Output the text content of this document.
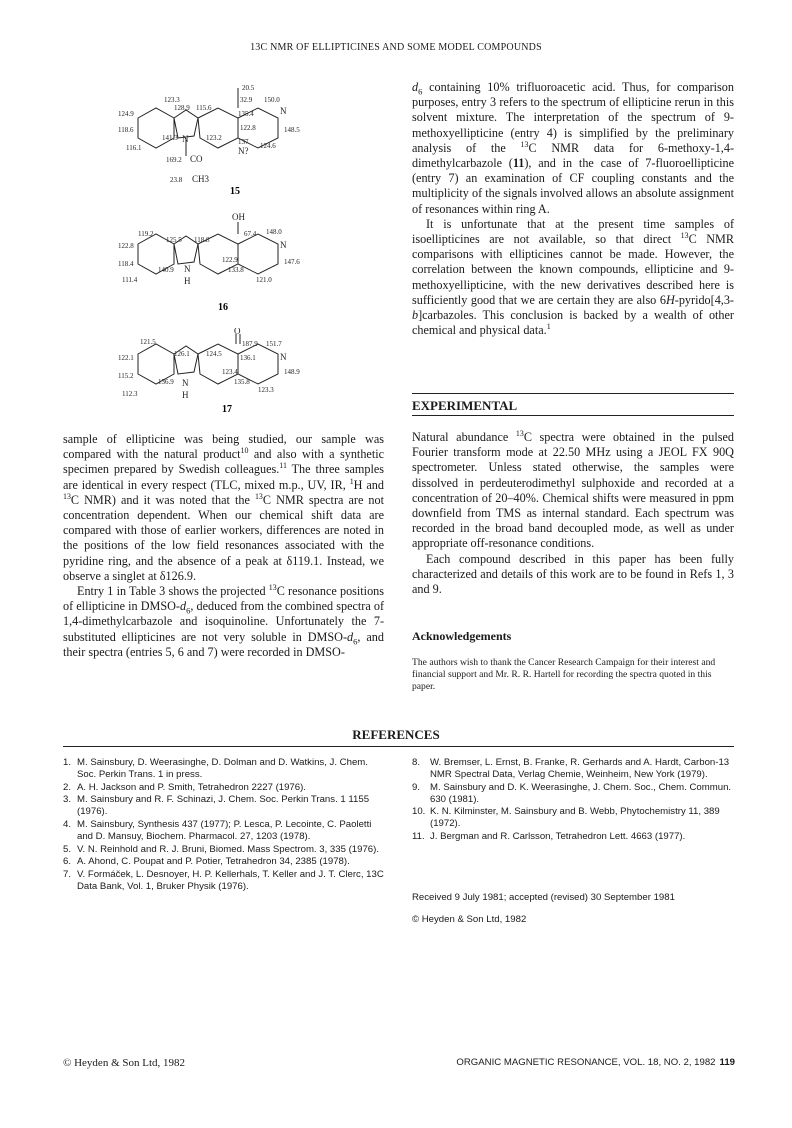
13C NMR OF ELLIPTICINES AND SOME MODEL COMPOUNDS
123.3
124.9
118.6
116.1
128.9 115.6
141.3	123.2
20.5
32.9 150.0
135.4
122.8	148.5
137 124.6
169.2
23.8
N
N
N?
CO
CH3
15
119.2
122.8
118.4
111.4
125.5 118.8
140.9
67.4 148.0
122.9
133.8
147.6
121.0
OH
N
N
H
16
121.5
122.1
115.2
112.3
126.1 124.5
136.9
187.9 151.7
136.1
123.4
135.8
148.9
123.3
O
N
N
H
17

sample of ellipticine was being studied, our sample was compared with the natural product$^{10}$ and also with a synthetic specimen prepared by Swedish colleagues.$^{11}$ The three samples are identical in every respect (TLC, mixed m.p., UV, IR, $^1$H and $^{13}$C NMR) and it was noted that the $^{13}$C NMR spectra are not concentration dependent. When our chemical shift data are compared with those of earlier workers, differences are noted in the positions of the low field resonances associated with the pyridine ring, and the absence of a peak at δ119.1. Instead, we observe a singlet at δ126.9.

Entry 1 in Table 3 shows the projected $^{13}$C resonance positions of ellipticine in DMSO-$d_6$, deduced from the combined spectra of 1,4-dimethylcarbazole and isoquinoline. Unfortunately the 7-substituted ellipticines are not very soluble in DMSO-$d_6$, and their spectra (entries 5, 6 and 7) were recorded in DMSO-

$d_6$ containing 10% trifluoroacetic acid. Thus, for comparison purposes, entry 3 refers to the spectrum of ellipticine rerun in this solvent mixture. The interpretation of the spectrum of 9-methoxyellipticine (entry 4) is simplified by the preliminary analysis of the $^{13}$C NMR data for 6-methoxy-1,4-dimethylcarbazole (11), and in the case of 7-fluoroellipticine (entry 7) an examination of CF coupling constants and the multiplicity of the signals involved allows an absolute assignment of resonances within ring A.

It is unfortunate that at the present time samples of isoellipticines are not available, so that direct $^{13}$C NMR comparisons with ellipticines cannot be made. However, the correlation between the known compounds, ellipticine and 9-methoxyellipticine, with the new derivatives described here is sufficiently good that we are certain they are also 6H-pyrido[4,3-b]carbazoles. This conclusion is backed by a wealth of other chemical and physical data.$^1$

EXPERIMENTAL

Natural abundance $^{13}$C spectra were obtained in the pulsed Fourier transform mode at 22.50 MHz using a JEOL FX 90Q spectrometer. Unless stated otherwise, the samples were dissolved in perdeuterodimethyl sulphoxide and recorded at a concentration of 20–40%. Chemical shifts were measured in ppm downfield from TMS as internal standard. Each spectrum was recorded in the broad band decoupled mode, as well as under appropriate off-resonance conditions.

Each compound described in this paper has been fully characterized and details of this work are to be found in Refs 1, 3 and 9.

Acknowledgements
The authors wish to thank the Cancer Research Campaign for their interest and financial support and Mr. R. R. Hartell for recording the spectra quoted in this paper.
REFERENCES
1. M. Sainsbury, D. Weerasinghe, D. Dolman and D. Watkins, J. Chem. Soc. Perkin Trans. 1 in press.
2. A. H. Jackson and P. Smith, Tetrahedron 2227 (1976).
3. M. Sainsbury and R. F. Schinazi, J. Chem. Soc. Perkin Trans. 1 1155 (1976).
4. M. Sainsbury, Synthesis 437 (1977); P. Lesca, P. Lecointe, C. Paoletti and D. Mansuy, Biochem. Pharmacol. 27, 1203 (1978).
5. V. N. Reinhold and R. J. Bruni, Biomed. Mass Spectrom. 3, 335 (1976).
6. A. Ahond, C. Poupat and P. Potier, Tetrahedron 34, 2385 (1978).
7. V. Formáček, L. Desnoyer, H. P. Kellerhals, T. Keller and J. T. Clerc, 13C Data Bank, Vol. 1, Bruker Physik (1976).
8. W. Bremser, L. Ernst, B. Franke, R. Gerhards and A. Hardt, Carbon-13 NMR Spectral Data, Verlag Chemie, Weinheim, New York (1979).
9. M. Sainsbury and D. K. Weerasinghe, J. Chem. Soc., Chem. Commun. 630 (1981).
10. K. N. Kilminster, M. Sainsbury and B. Webb, Phytochemistry 11, 389 (1972).
11. J. Bergman and R. Carlsson, Tetrahedron Lett. 4663 (1977).
Received 9 July 1981; accepted (revised) 30 September 1981
© Heyden & Son Ltd, 1982
© Heyden & Son Ltd, 1982	ORGANIC MAGNETIC RESONANCE, VOL. 18, NO. 2, 1982 119
